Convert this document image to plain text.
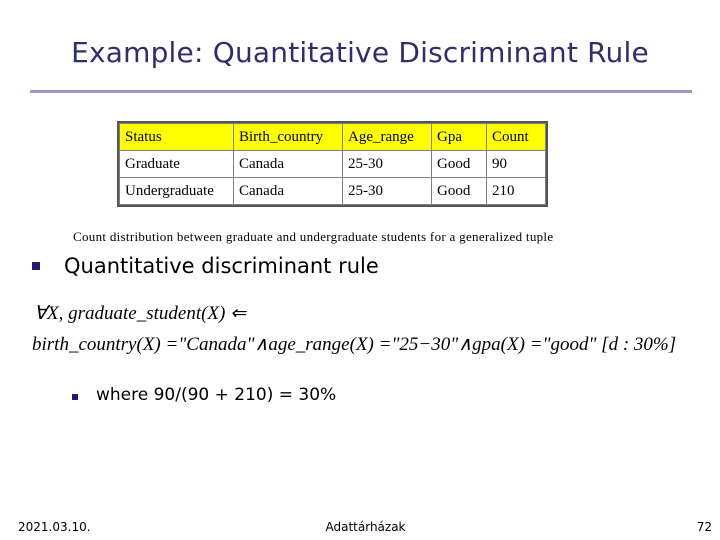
Example: Quantitative Discriminant Rule
Status	Birth_country	Age_range	Gpa	Count
Graduate	Canada	25-30	Good	90
Undergraduate	Canada	25-30	Good	210
Count distribution between graduate and undergraduate students for a generalized tuple
Quantitative discriminant rule
∀X, graduate_student(X) ⇐
birth_country(X) ="Canada"∧age_range(X) ="25−30"∧gpa(X) ="good" [d : 30%]
where 90/(90 + 210) = 30%
2021.03.10.	Adattárházak	72
